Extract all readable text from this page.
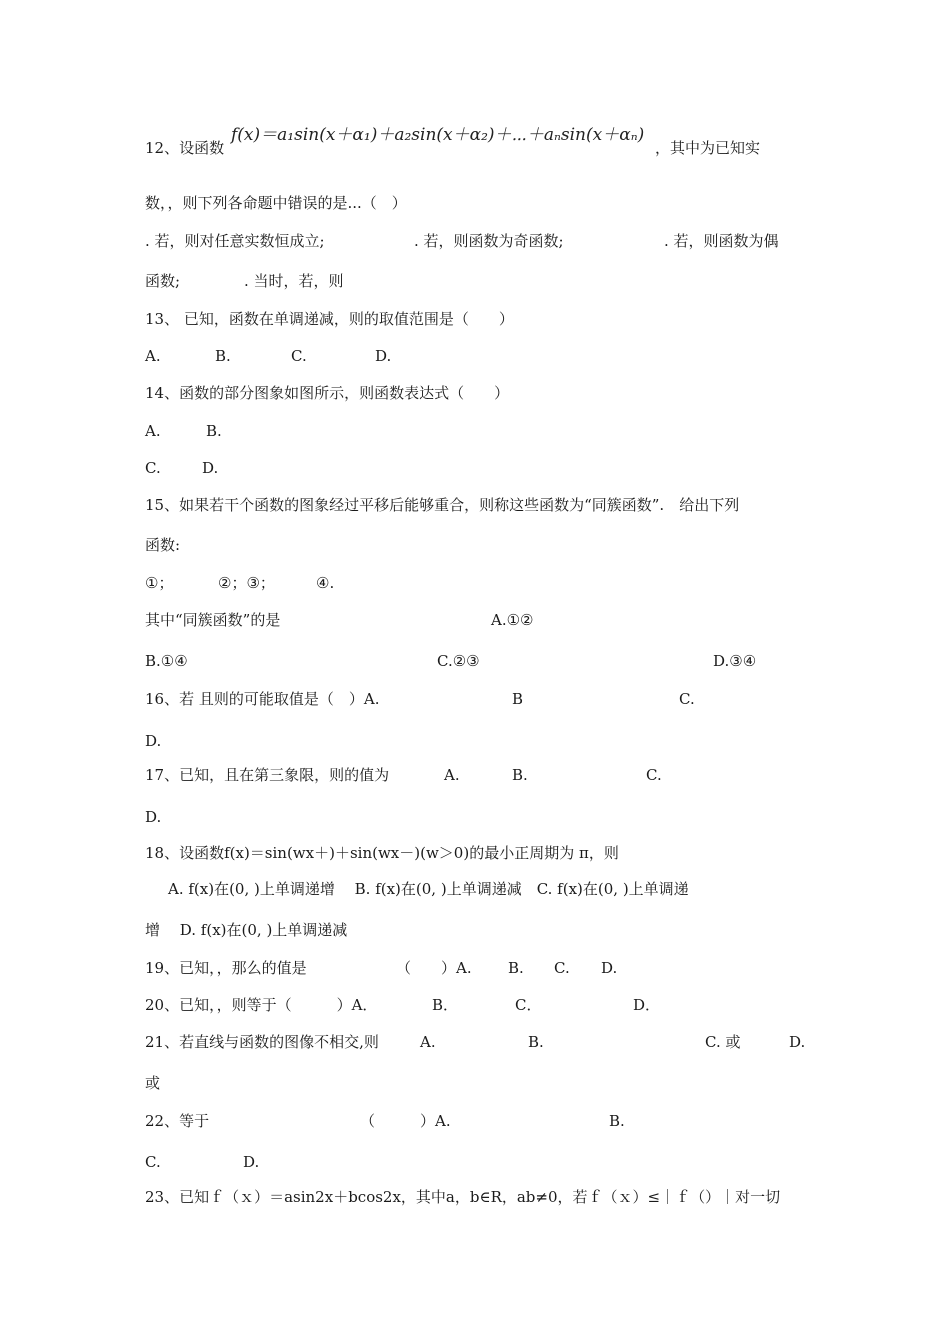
12、设函数
f(x)＝a₁sin(x＋α₁)＋a₂sin(x＋α₂)＋⋯＋aₙsin(x＋αₙ)
，其中为已知实
数，，则下列各命题中错误的是...（　）
. 若，则对任意实数恒成立;	. 若，则函数为奇函数;	. 若，则函数为偶
函数;	. 当时，若，则
13、 已知，函数在单调递减，则的取值范围是（　　）
A.	B.	C.	D.
14、函数的部分图象如图所示，则函数表达式（　　）
A.	B.
C.	D.
15、如果若干个函数的图象经过平移后能够重合，则称这些函数为“同簇函数”.　给出下列
函数:
①；	②；③；	④.
其中“同簇函数”的是	A.①②
B.①④	C.②③	D.③④
16、若 且则的可能取值是（　）A.	B	C.
D.
17、已知，且在第三象限，则的值为	A.	B.	C.
D.
18、设函数f(x)＝sin(wx＋)＋sin(wx－)(w＞0)的最小正周期为 π，则
A. f(x)在(0, )上单调递增　 B. f(x)在(0, )上单调递减　C. f(x)在(0, )上单调递
增　 D. f(x)在(0, )上单调递减
19、已知，，那么的值是	（　　）A. B. C. D.
20、已知，，则等于（　　　）A．	B．	C．	D．
21、若直线与函数的图像不相交,则	A.	B.	C. 或	D.
或
22、等于	（　　　）A.	B.
C.	D.
23、已知ｆ（ｘ）＝asin2x＋bcos2x，其中a，b∈R，ab≠0，若ｆ（ｘ）≤｜ｆ（）｜对一切
